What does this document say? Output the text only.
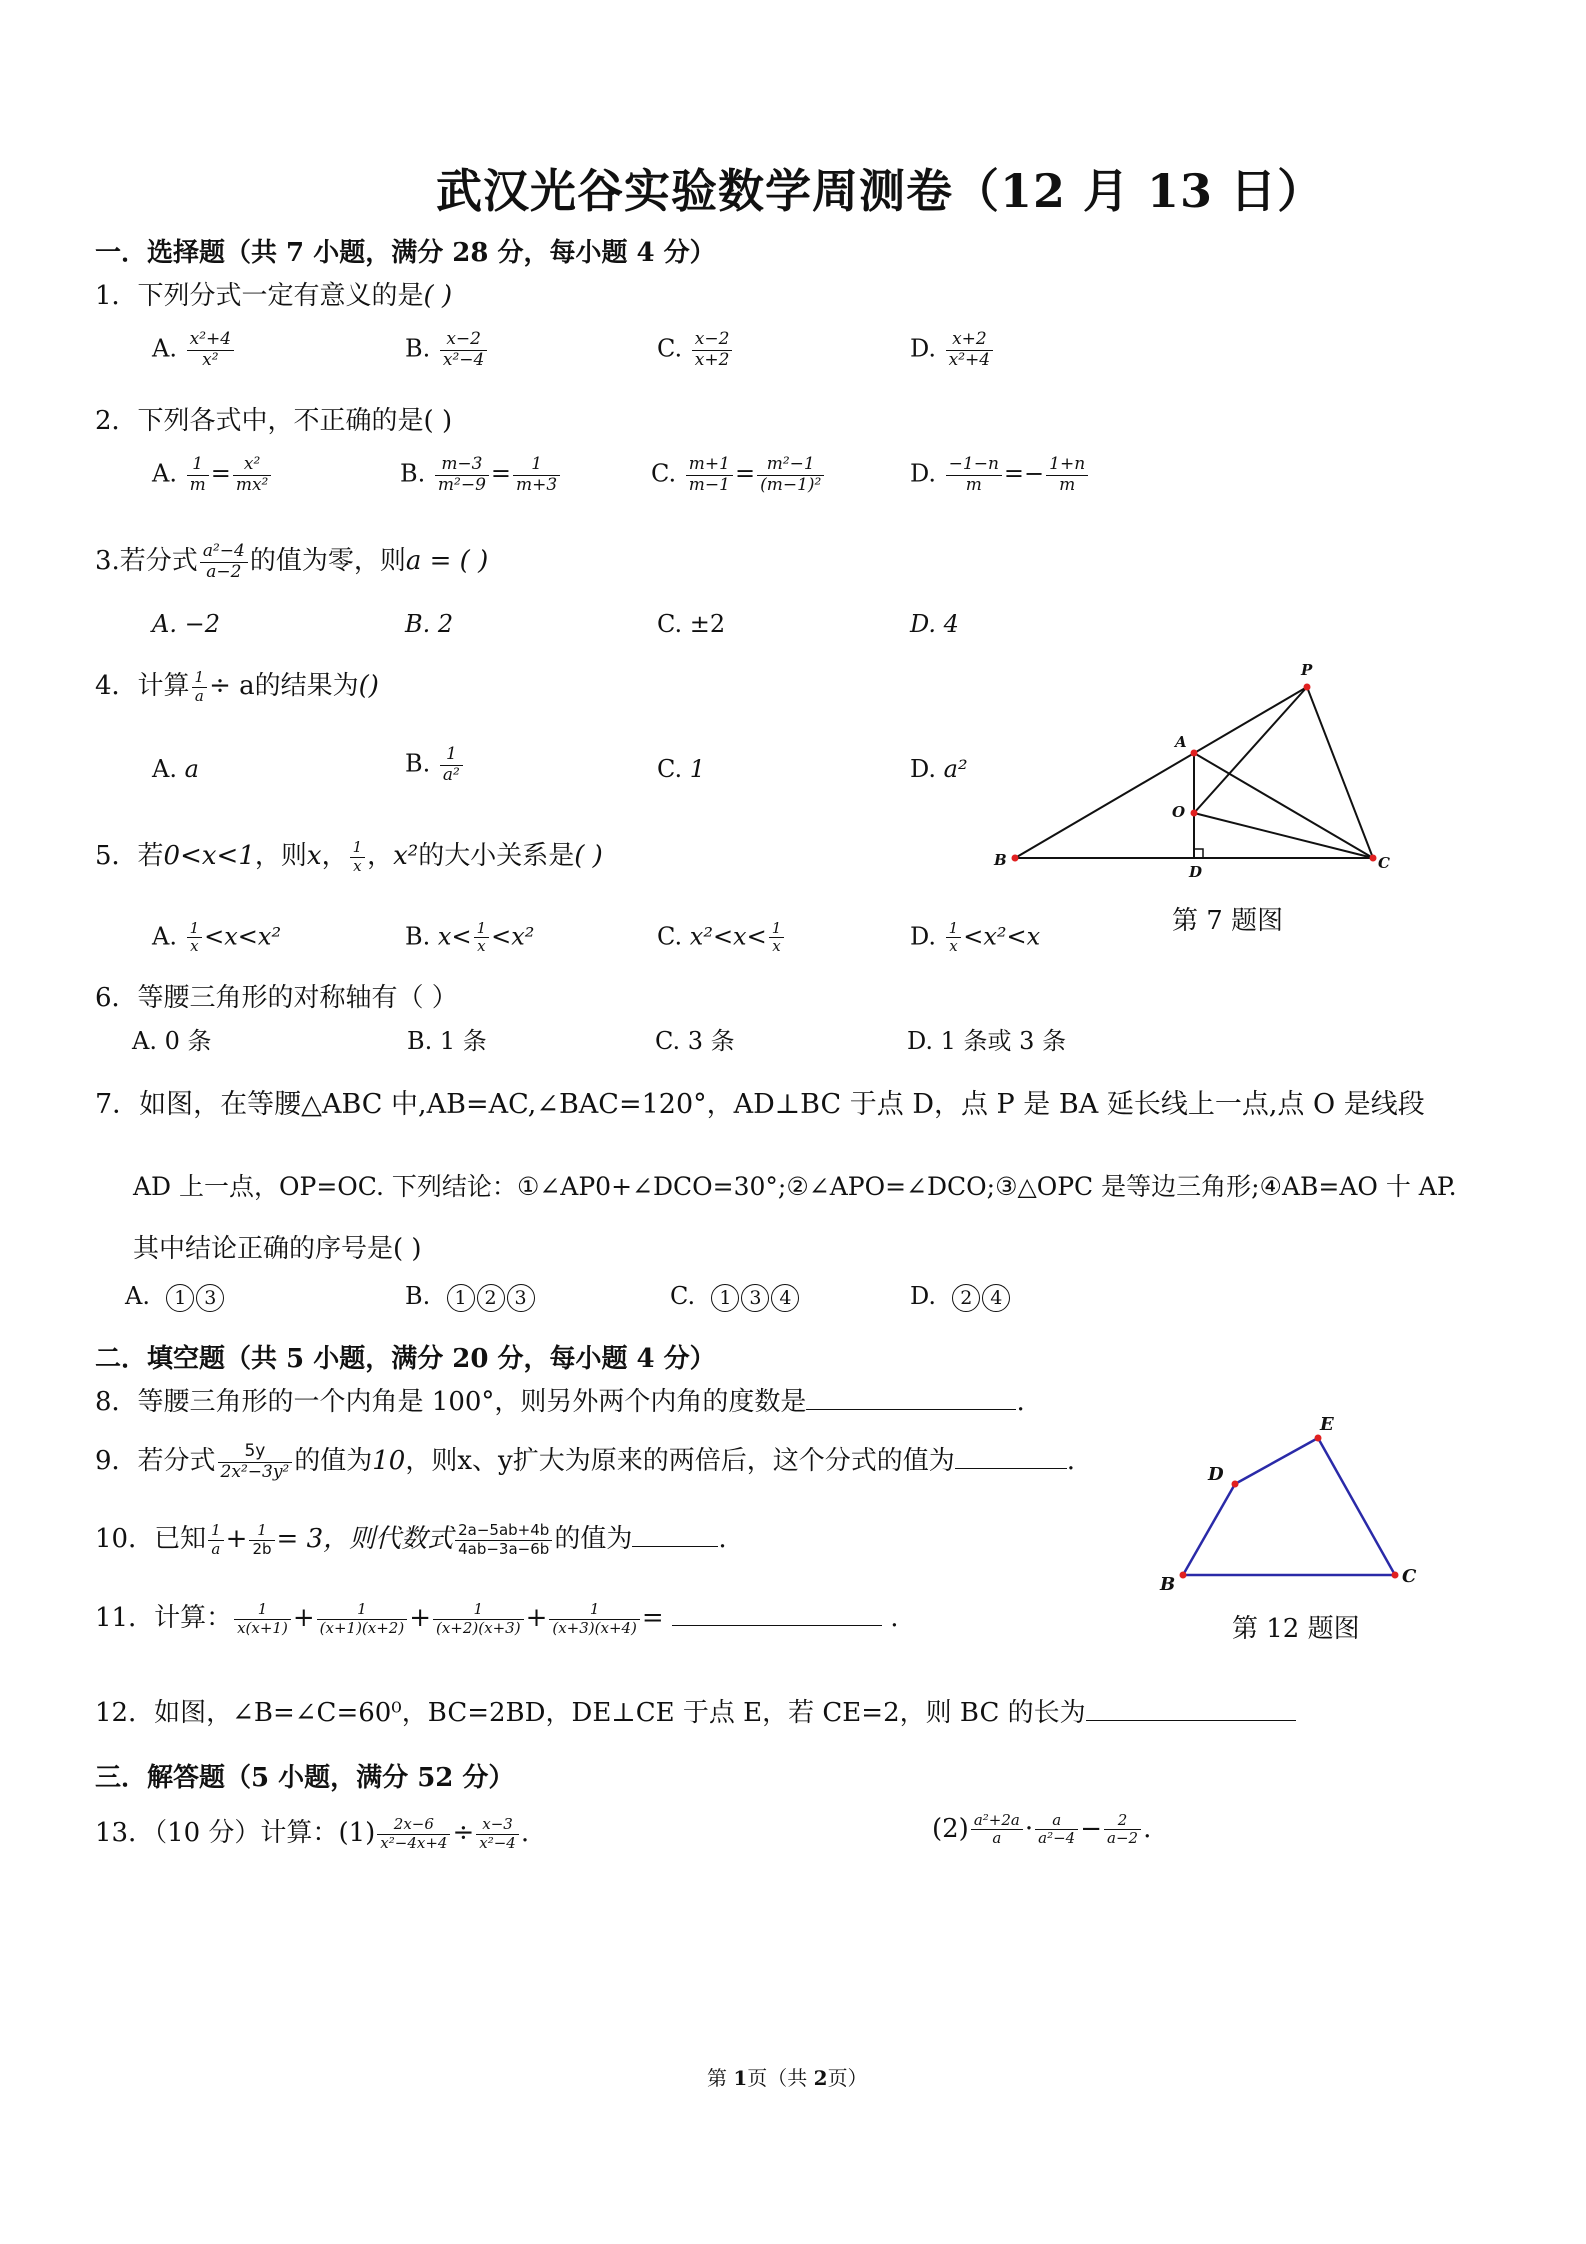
武汉光谷实验数学周测卷（12 月 13 日）
一．选择题（共 7 小题，满分 28 分，每小题 4 分）
1．下列分式一定有意义的是( )
A. $\frac{\text{x²+4}}{\text{x²}}$	B. $\frac{x-2}{\text{x²−4}}$	C. $\frac{x-2}{x+2}$	D. $\frac{x+2}{\text{x²+4}}$
2．下列各式中，不正确的是( )
A. $\frac{1}{m} = \frac{\text{x²}}{\text{mx²}}$	B. $\frac{m-3}{\text{m²−9}} = \frac{1}{m+3}$	C. $\frac{m+1}{m-1} = \frac{\text{m²−1}}{\text{(m−1)²}}$	D. $\frac{-1-n}{m} =- \frac{1+n}{m}$
3.若分式 $\frac{\text{a²−4}}{a-2}$ 的值为零，则a = ( )
A. −2	B. 2	C. ±2	D. 4
4．计算 $\frac{1}{a} \div a$的结果为()
A. a	B. $\frac{1}{\text{a²}}$	C. 1	D. a²
5．若0<x<1，则x， $\frac{1}{x}$ ，x²的大小关系是( )
A. $\frac{1}{x} <x<x^2$	B. $x< \frac{1}{x} <x^2$	C. $x^2<x< \frac{1}{x}$	D. $\frac{1}{x} <x^2<x$
P
A
O
B
D	C
第 7 题图
6．等腰三角形的对称轴有（ ）
A. 0 条	B. 1 条	C. 3 条	D. 1 条或 3 条
7．如图，在等腰△ABC 中,AB=AC,∠BAC=120°，AD⊥BC 于点 D，点 P 是 BA 延长线上一点,点 O 是线段
AD 上一点，OP=OC. 下列结论：①∠AP0+∠DCO=30°;②∠APO=∠DCO;③△OPC 是等边三角形;④AB=AO 十 AP.
其中结论正确的序号是( )
A. 1 3	B. 1 2 3	C. 1 3 4	D. 2 4
二．填空题（共 5 小题，满分 20 分，每小题 4 分）
8．等腰三角形的一个内角是 100°，则另外两个内角的度数是	.
E
D
B	C
第 12 题图
9．若分式 $\frac{5y}{\text{2x²−3y²}}$ 的值为10，则x、y扩大为原来的两倍后，这个分式的值为	.
10．已知 $\frac{1}{a} + \frac{1}{2b} = 3$，则代数式 $\frac{2a-5ab+4b}{4ab-3a-6b}$ 的值为	.
11．计算： $\frac{1}{x(x+1)} + \frac{1}{(x+1)(x+2)} + \frac{1}{(x+2)(x+3)} + \frac{1}{(x+3)(x+4)}$ =	.
12．如图，∠B=∠C=60⁰，BC=2BD，DE⊥CE 于点 E，若 CE=2，则 BC 的长为
三．解答题（5 小题，满分 52 分）
13．（10 分）计算：$(1) \frac{2x-6}{\text{x²−4x+4}} \div \frac{x-3}{\text{x²−4}}$ .	$(2) \frac{\text{a²+2a}}{a} \cdot \frac{a}{\text{a²−4}} - \frac{2}{a-2}$ .
第 1页（共 2页）
